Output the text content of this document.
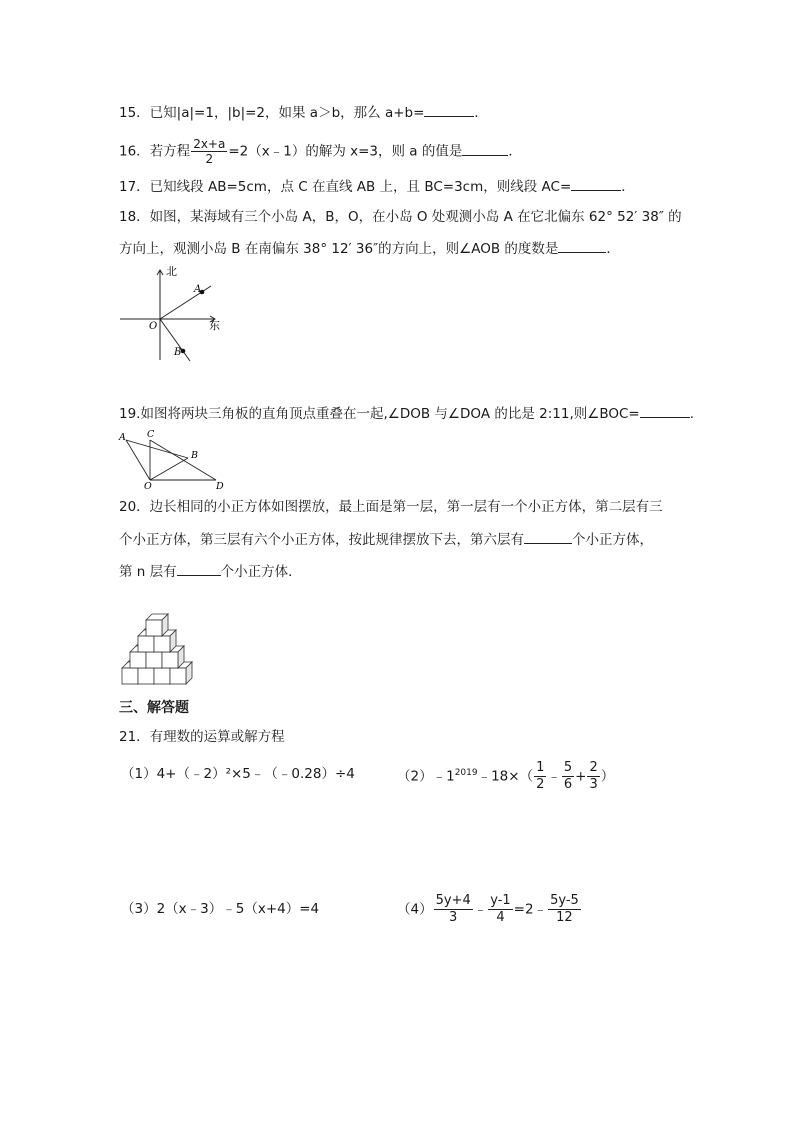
15．已知|a|=1，|b|=2，如果 a＞b，那么 a+b=	．
16．若方程 $\frac{2x+a}{2}$ =2（x﹣1）的解为 x=3，则 a 的值是	．
17．已知线段 AB=5cm，点 C 在直线 AB 上，且 BC=3cm，则线段 AC=	．
18．如图，某海域有三个小岛 A，B，O，在小岛 O 处观测小岛 A 在它北偏东 62° 52′ 38″ 的
方向上，观测小岛 B 在南偏东 38° 12′ 36″的方向上，则∠AOB 的度数是	．
北
东
A
B
O
19.如图将两块三角板的直角顶点重叠在一起,∠DOB 与∠DOA 的比是 2:11,则∠BOC=	.
A C
B
O	D
20．边长相同的小正方体如图摆放，最上面是第一层，第一层有一个小正方体，第二层有三
个小正方体，第三层有六个小正方体，按此规律摆放下去，第六层有	个小正方体，
第 n 层有	个小正方体．
三、解答题
21．有理数的运算或解方程
（1）4+（﹣2）²×5﹣（﹣0.28）÷4	$(2)﹣1^{2019}﹣18\times( \frac{1}{2}$ ﹣ $\frac{5}{6} + \frac{2}{3}$ ）
（3）2（x﹣3）﹣5（x+4）=4	$(4) \frac{5y+4}{3}$ ﹣ $\frac{y-1}{4}$ =2﹣ $\frac{5y-5}{12}$
